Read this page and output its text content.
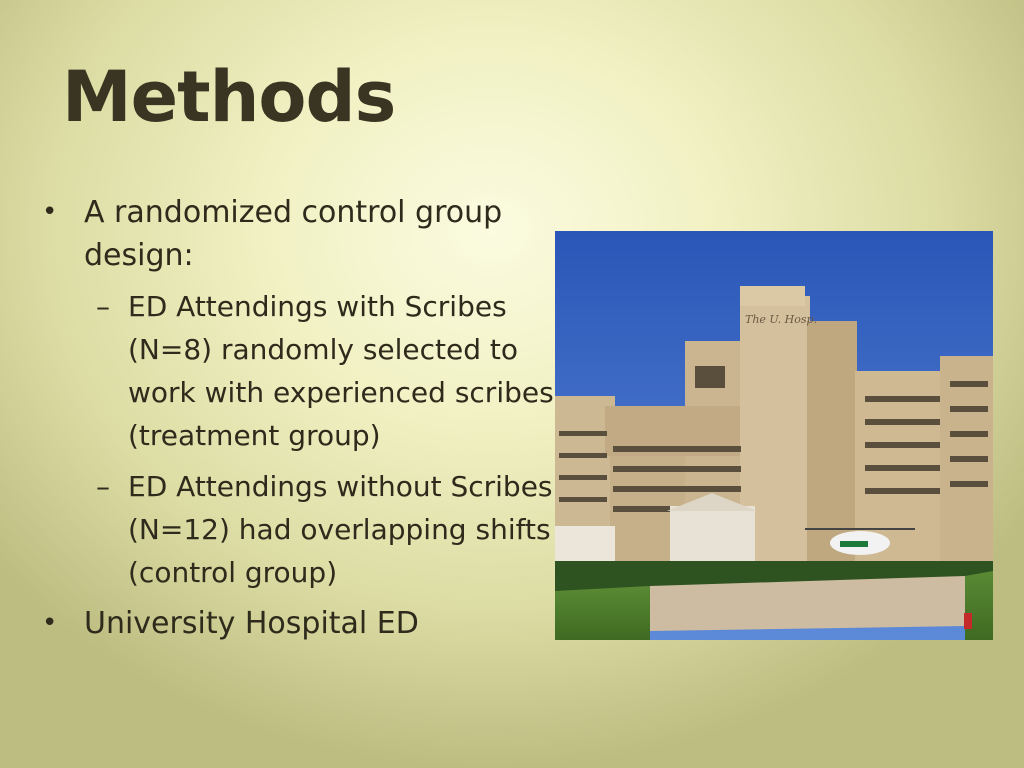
Methods
• A randomized control group design:
– ED Attendings with Scribes (N=8) randomly selected to work with experienced scribes (treatment group)
– ED Attendings without Scribes (N=12) had overlapping shifts (control group)
• University Hospital ED
The U. Hosp.
